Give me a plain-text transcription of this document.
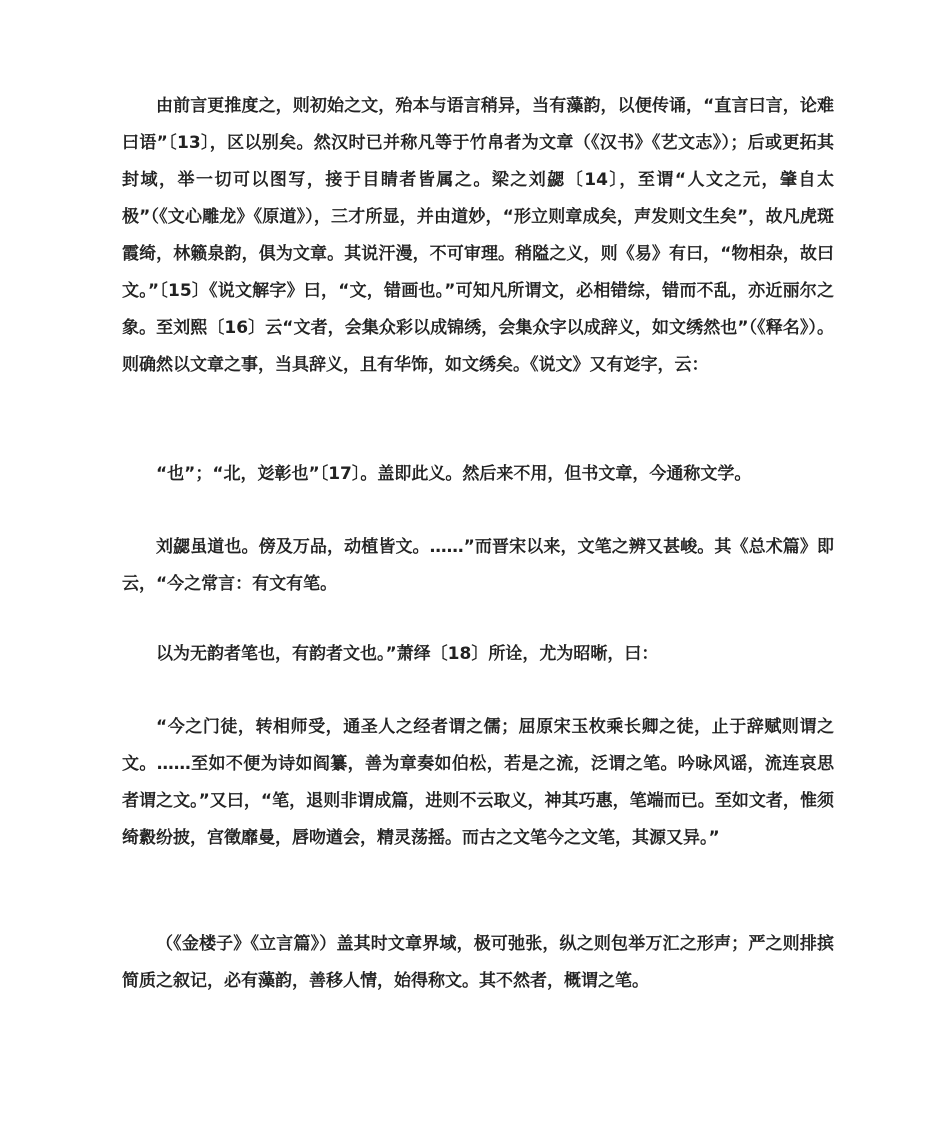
由前言更推度之，则初始之文，殆本与语言稍异，当有藻韵，以便传诵，“直言曰言，论难曰语”〔13〕，区以别矣。然汉时已并称凡等于竹帛者为文章（《汉书》《艺文志》）；后或更拓其封域，举一切可以图写，接于目睛者皆属之。梁之刘勰〔14〕，至谓“人文之元，肇自太极”（《文心雕龙》《原道》），三才所显，并由道妙，“形立则章成矣，声发则文生矣”，故凡虎斑霞绮，林籁泉韵，俱为文章。其说汗漫，不可审理。稍隘之义，则《易》有曰，“物相杂，故曰文。”〔15〕《说文解字》曰，“文，错画也。”可知凡所谓文，必相错综，错而不乱，亦近丽尔之象。至刘熙〔16〕云“文者，会集众彩以成锦绣，会集众字以成辞义，如文绣然也”（《释名》）。则确然以文章之事，当具辞义，且有华饰，如文绣矣。《说文》又有彣字，云：

“也”；“北，彣彰也”〔17〕。盖即此义。然后来不用，但书文章，今通称文学。

刘勰虽道也。傍及万品，动植皆文。……”而晋宋以来，文笔之辨又甚峻。其《总术篇》即云，“今之常言：有文有笔。

以为无韵者笔也，有韵者文也。”萧绎〔18〕所诠，尤为昭晰，曰：

“今之门徒，转相师受，通圣人之经者谓之儒；屈原宋玉枚乘长卿之徒，止于辞赋则谓之文。……至如不便为诗如阎纂，善为章奏如伯松，若是之流，泛谓之笔。吟咏风谣，流连哀思者谓之文。”又曰，“笔，退则非谓成篇，进则不云取义，神其巧惠，笔端而已。至如文者，惟须绮縠纷披，宫徵靡曼，唇吻遒会，精灵荡摇。而古之文笔今之文笔，其源又异。”

（《金楼子》《立言篇》）盖其时文章界域，极可弛张，纵之则包举万汇之形声；严之则排摈简质之叙记，必有藻韵，善移人情，始得称文。其不然者，概谓之笔。
